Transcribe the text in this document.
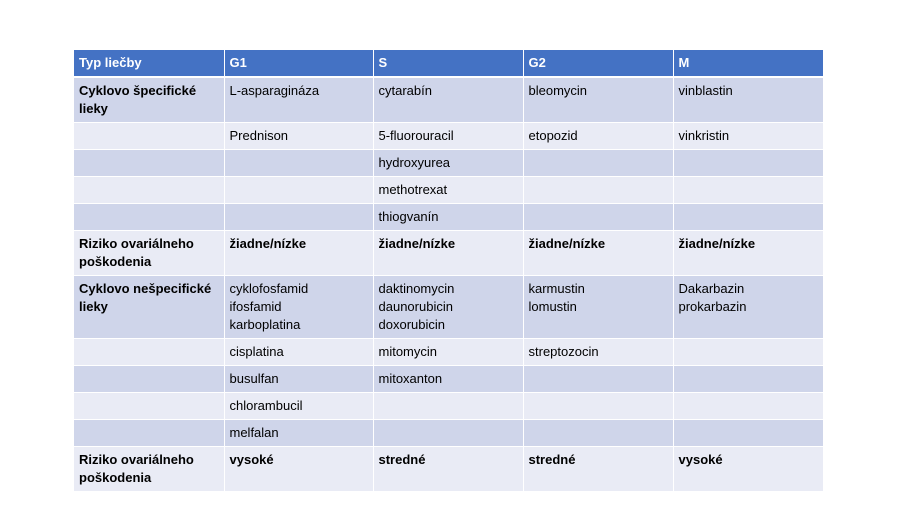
Typ liečby	G1	S	G2	M

Cyklovo špecifické lieky	L-asparagináza	cytarabín	bleomycin	vinblastin

	Prednison	5-fluorouracil	etopozid	vinkristin

		hydroxyurea		

		methotrexat		

		thiogvanín		

Riziko ovariálneho poškodenia	žiadne/nízke	žiadne/nízke	žiadne/nízke	žiadne/nízke

Cyklovo nešpecifické lieky	cyklofosfamid
ifosfamid
karboplatina	daktinomycin
daunorubicin
doxorubicin	karmustin
lomustin	Dakarbazin
prokarbazin

	cisplatina	mitomycin	streptozocin	

	busulfan	mitoxanton		

	chlorambucil			

	melfalan			

Riziko ovariálneho poškodenia	vysoké	stredné	stredné	vysoké
